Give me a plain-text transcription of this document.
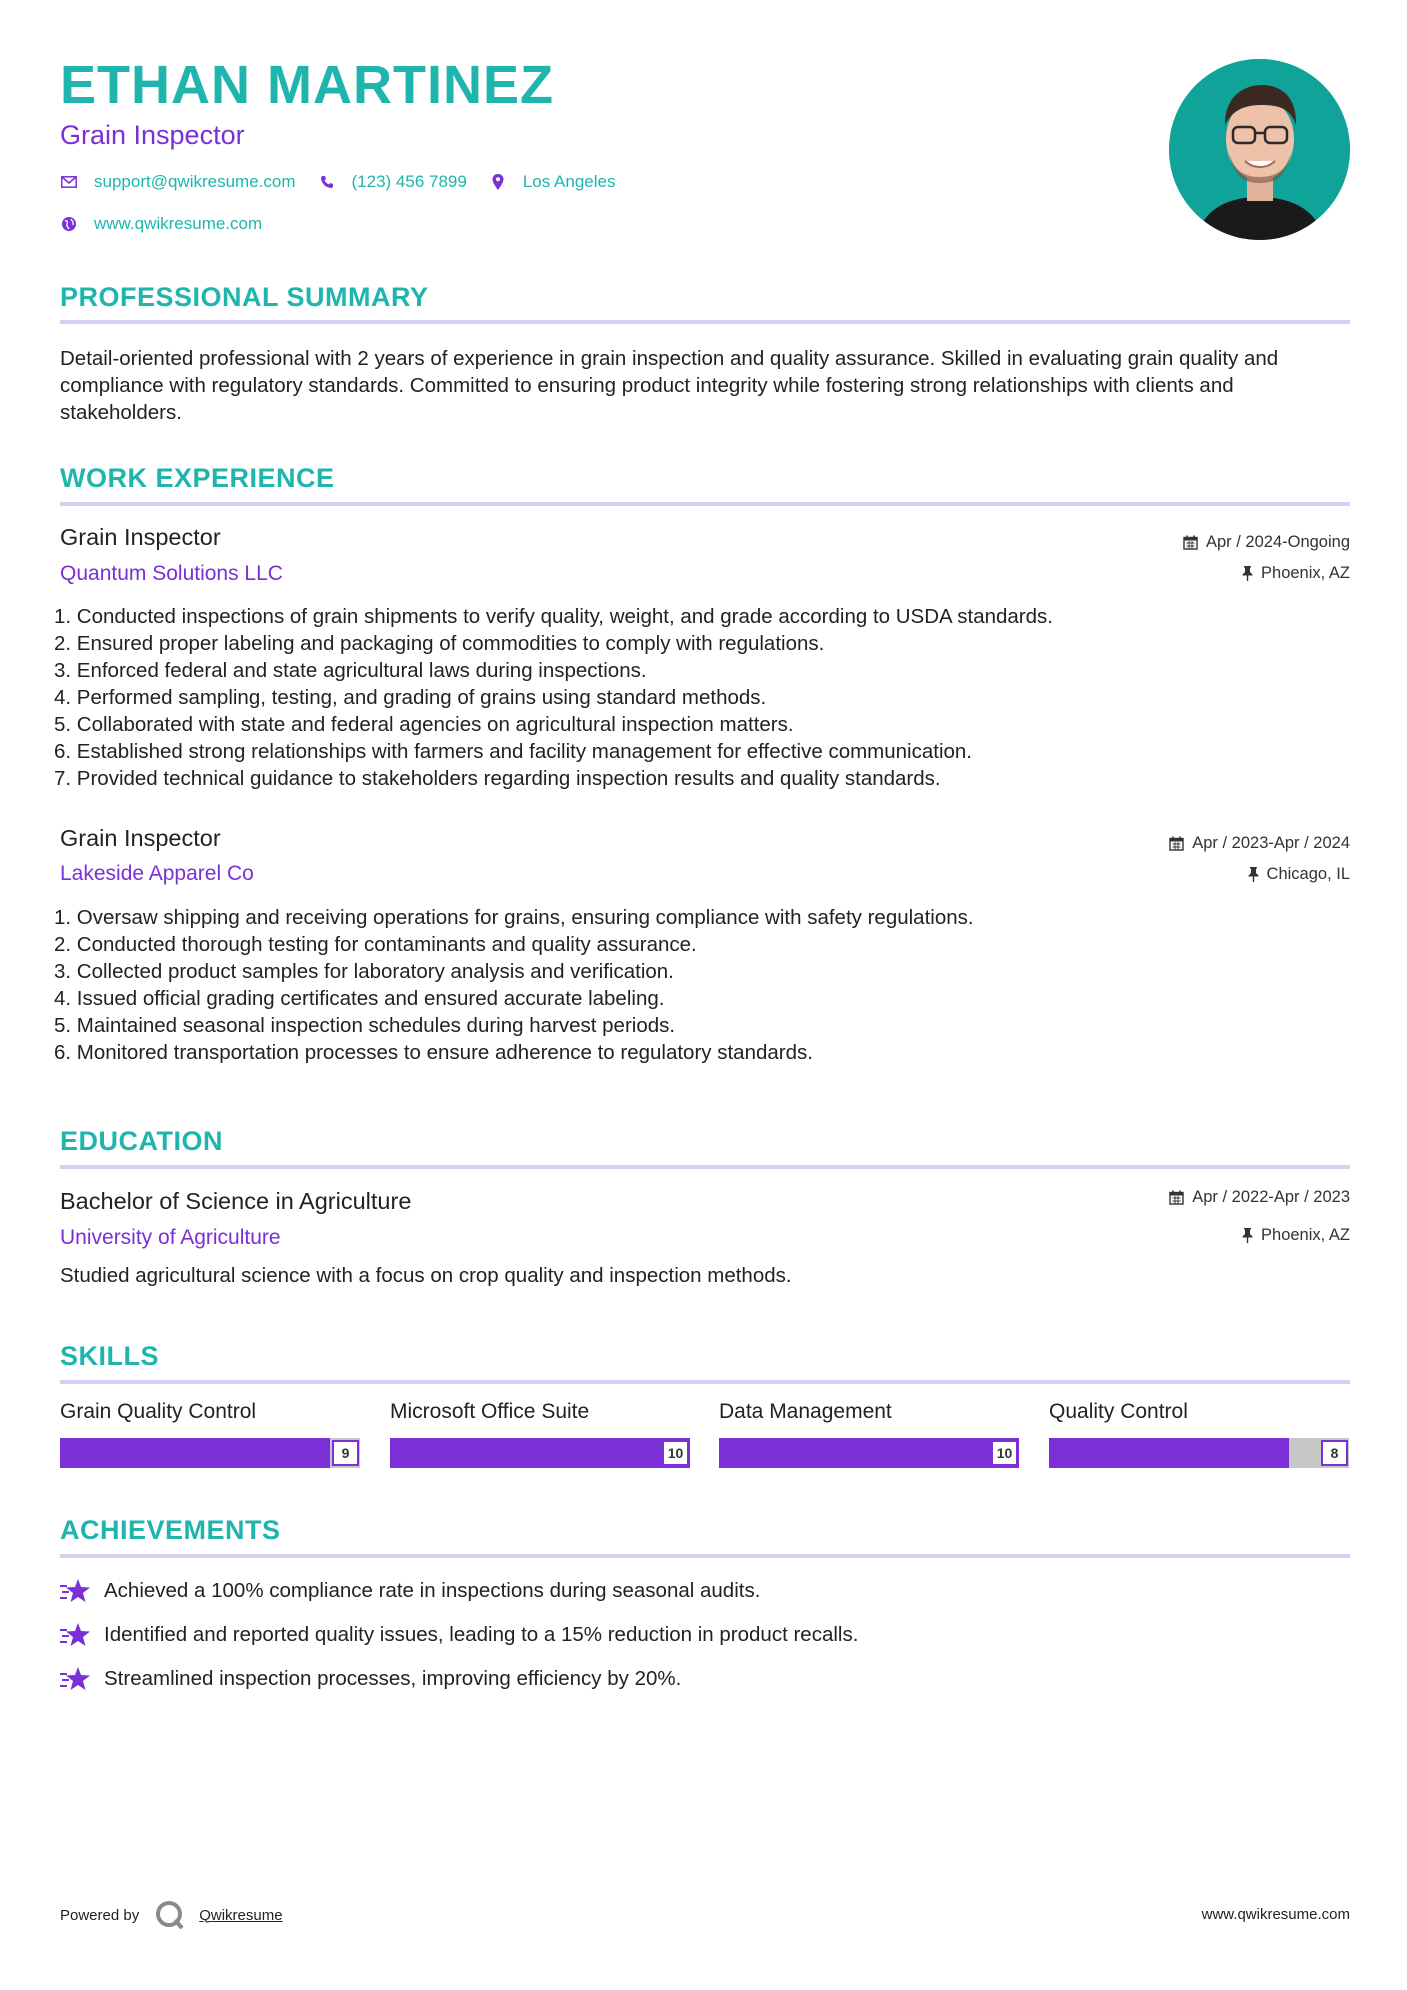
ETHAN MARTINEZ
Grain Inspector
support@qwikresume.com	(123) 456 7899	Los Angeles
www.qwikresume.com
PROFESSIONAL SUMMARY
Detail-oriented professional with 2 years of experience in grain inspection and quality assurance. Skilled in evaluating grain quality and compliance with regulatory standards. Committed to ensuring product integrity while fostering strong relationships with clients and stakeholders.
WORK EXPERIENCE
Grain Inspector
Quantum Solutions LLC
Apr / 2024-Ongoing
Phoenix, AZ
1. Conducted inspections of grain shipments to verify quality, weight, and grade according to USDA standards.
2. Ensured proper labeling and packaging of commodities to comply with regulations.
3. Enforced federal and state agricultural laws during inspections.
4. Performed sampling, testing, and grading of grains using standard methods.
5. Collaborated with state and federal agencies on agricultural inspection matters.
6. Established strong relationships with farmers and facility management for effective communication.
7. Provided technical guidance to stakeholders regarding inspection results and quality standards.
Grain Inspector
Lakeside Apparel Co
Apr / 2023-Apr / 2024
Chicago, IL
1. Oversaw shipping and receiving operations for grains, ensuring compliance with safety regulations.
2. Conducted thorough testing for contaminants and quality assurance.
3. Collected product samples for laboratory analysis and verification.
4. Issued official grading certificates and ensured accurate labeling.
5. Maintained seasonal inspection schedules during harvest periods.
6. Monitored transportation processes to ensure adherence to regulatory standards.
EDUCATION
Bachelor of Science in Agriculture
University of Agriculture
Apr / 2022-Apr / 2023
Phoenix, AZ
Studied agricultural science with a focus on crop quality and inspection methods.
SKILLS
Grain Quality Control
9
Microsoft Office Suite
10
Data Management
10
Quality Control
8
ACHIEVEMENTS
Achieved a 100% compliance rate in inspections during seasonal audits.
Identified and reported quality issues, leading to a 15% reduction in product recalls.
Streamlined inspection processes, improving efficiency by 20%.
Powered by	Qwikresume	www.qwikresume.com
